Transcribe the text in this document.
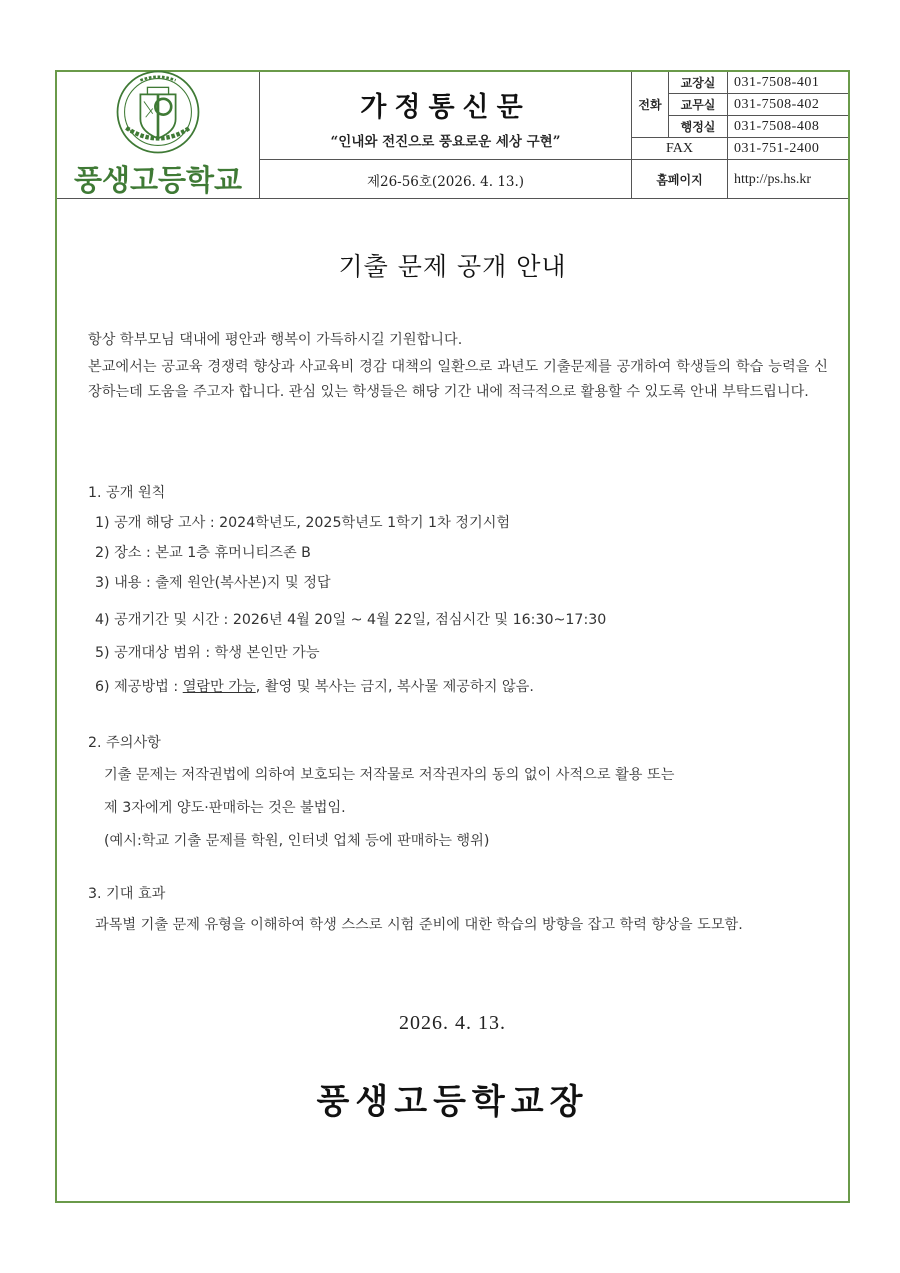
풍생고등학교
가정통신문
“인내와 전진으로 풍요로운 세상 구현”
제26-56호(2026. 4. 13.)
전화
교장실	031-7508-401
교무실	031-7508-402
행정실	031-7508-408
FAX	031-751-2400
홈페이지	http://ps.hs.kr
기출 문제 공개 안내
항상 학부모님 댁내에 평안과 행복이 가득하시길 기원합니다.
본교에서는 공교육 경쟁력 향상과 사교육비 경감 대책의 일환으로 과년도 기출문제를 공개하여 학생들의 학습 능력을 신장하는데 도움을 주고자 합니다. 관심 있는 학생들은 해당 기간 내에 적극적으로 활용할 수 있도록 안내 부탁드립니다.
1. 공개 원칙
1) 공개 해당 고사 : 2024학년도, 2025학년도 1학기 1차 정기시험
2) 장소 : 본교 1층 휴머니티즈존 B
3) 내용 : 출제 원안(복사본)지 및 정답
4) 공개기간 및 시간 : 2026년 4월 20일 ~ 4월 22일, 점심시간 및 16:30~17:30
5) 공개대상 범위 : 학생 본인만 가능
6) 제공방법 : 열람만 가능, 촬영 및 복사는 금지, 복사물 제공하지 않음.
2. 주의사항
기출 문제는 저작권법에 의하여 보호되는 저작물로 저작권자의 동의 없이 사적으로 활용 또는
제 3자에게 양도·판매하는 것은 불법임.
(예시:학교 기출 문제를 학원, 인터넷 업체 등에 판매하는 행위)
3. 기대 효과
과목별 기출 문제 유형을 이해하여 학생 스스로 시험 준비에 대한 학습의 방향을 잡고 학력 향상을 도모함.
2026. 4. 13.
풍생고등학교장
